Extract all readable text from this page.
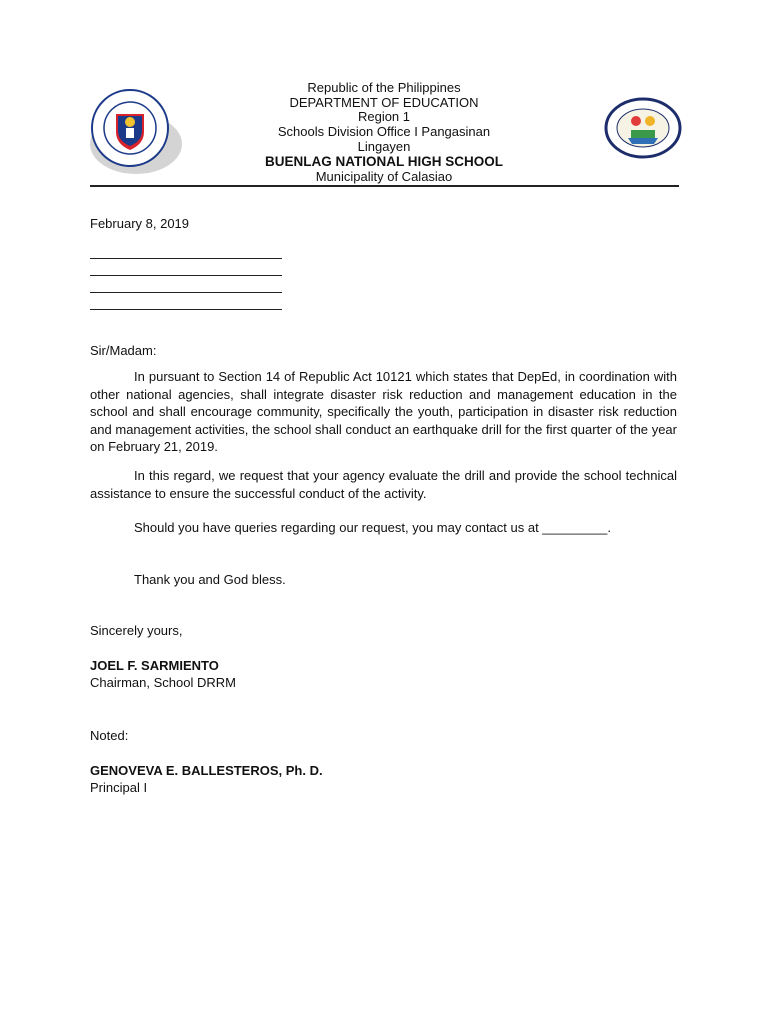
Republic of the Philippines
DEPARTMENT OF EDUCATION
Region 1
Schools Division Office I Pangasinan
Lingayen
BUENLAG NATIONAL HIGH SCHOOL
Municipality of Calasiao
February 8, 2019
Sir/Madam:
In pursuant to Section 14 of Republic Act 10121 which states that DepEd, in coordination with other national agencies, shall integrate disaster risk reduction and management education in the school and shall encourage community, specifically the youth, participation in disaster risk reduction and management activities, the school shall conduct an earthquake drill for the first quarter of the year on February 21, 2019.
In this regard, we request that your agency evaluate the drill and provide the school technical assistance to ensure the successful conduct of the activity.
Should you have queries regarding our request, you may contact us at _________.
Thank you and God bless.
Sincerely yours,
JOEL F. SARMIENTO
Chairman, School DRRM
Noted:
GENOVEVA E. BALLESTEROS, Ph. D.
Principal I
